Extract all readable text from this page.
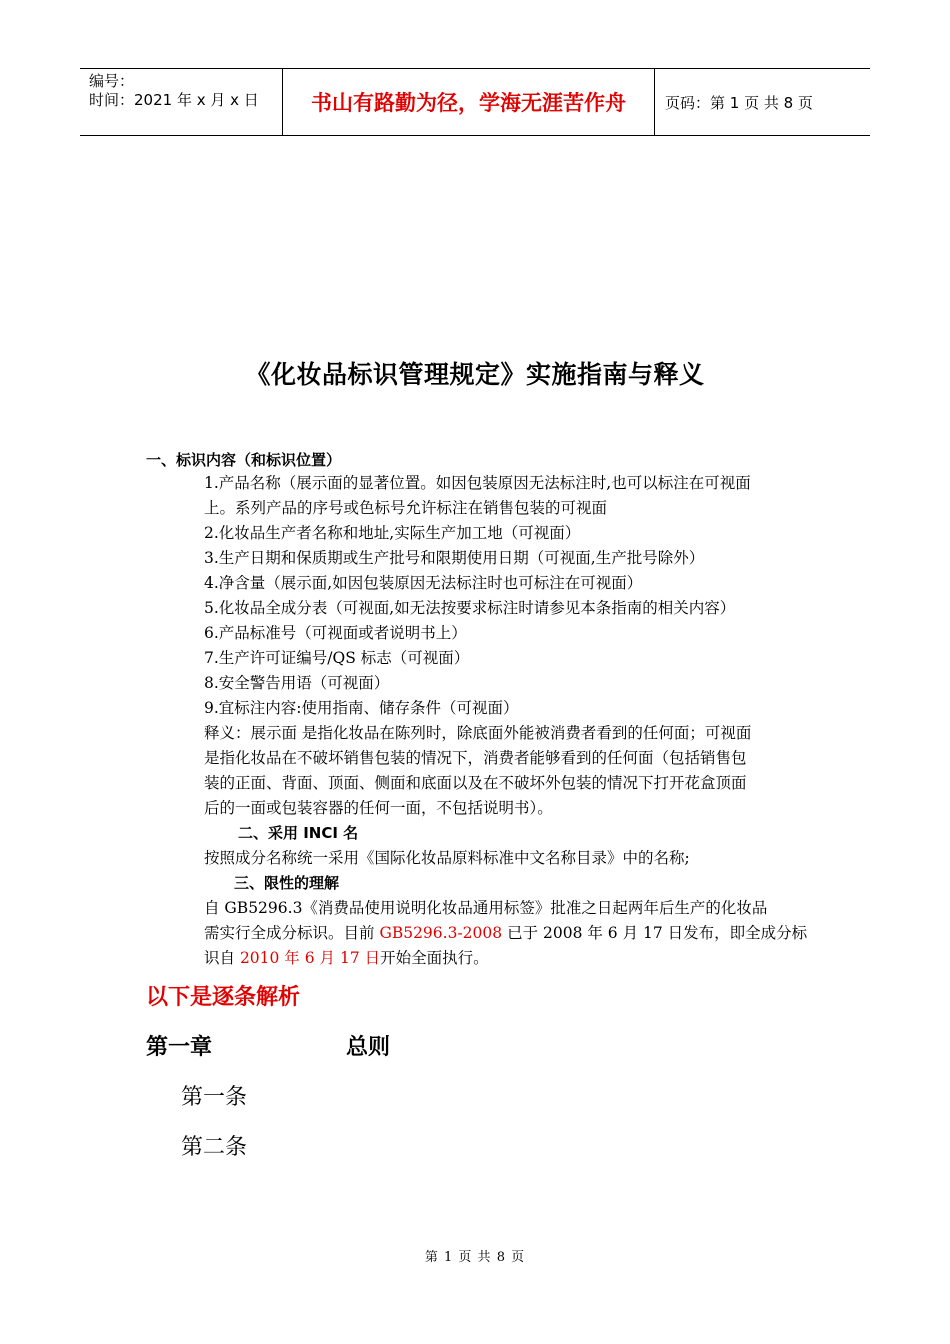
编号：
时间：2021 年 x 月 x 日	书山有路勤为径，学海无涯苦作舟	页码：第 1 页 共 8 页
《化妆品标识管理规定》实施指南与释义
一、标识内容（和标识位置）
1.产品名称（展示面的显著位置。如因包装原因无法标注时,也可以标注在可视面
上。系列产品的序号或色标号允许标注在销售包装的可视面
2.化妆品生产者名称和地址,实际生产加工地（可视面）
3.生产日期和保质期或生产批号和限期使用日期（可视面,生产批号除外）
4.净含量（展示面,如因包装原因无法标注时也可标注在可视面）
5.化妆品全成分表（可视面,如无法按要求标注时请参见本条指南的相关内容）
6.产品标准号（可视面或者说明书上）
7.生产许可证编号/QS 标志（可视面）
8.安全警告用语（可视面）
9.宜标注内容:使用指南、储存条件（可视面）
释义：展示面 是指化妆品在陈列时，除底面外能被消费者看到的任何面；可视面
是指化妆品在不破坏销售包装的情况下，消费者能够看到的任何面（包括销售包
装的正面、背面、顶面、侧面和底面以及在不破坏外包装的情况下打开花盒顶面
后的一面或包装容器的任何一面，不包括说明书）。
二、采用 INCI 名
按照成分名称统一采用《国际化妆品原料标准中文名称目录》中的名称;
三、限性的理解
自 GB5296.3《消费品使用说明化妆品通用标签》批准之日起两年后生产的化妆品
需实行全成分标识。目前 GB5296.3-2008 已于 2008 年 6 月 17 日发布，即全成分标
识自 2010 年 6 月 17 日开始全面执行。
以下是逐条解析
第一章	总则
第一条
第二条
第 1 页 共 8 页
